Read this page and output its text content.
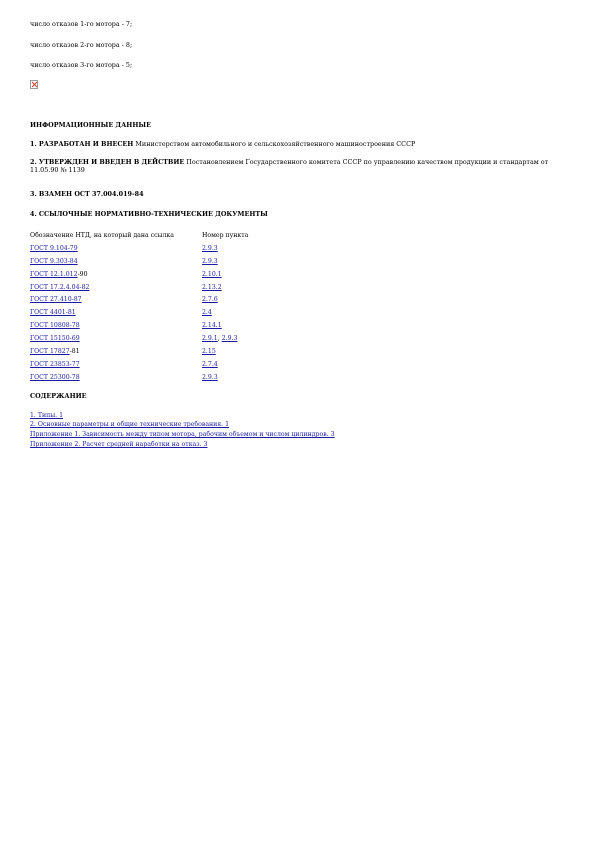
число отказов 1-го мотора - 7;
число отказов 2-го мотора - 8;
число отказов 3-го мотора - 5;
ИНФОРМАЦИОННЫЕ ДАННЫЕ
1. РАЗРАБОТАН И ВНЕСЕН Министерством автомобильного и сельскохозяйственного машиностроения СССР
2. УТВЕРЖДЕН И ВВЕДЕН В ДЕЙСТВИЕ Постановлением Государственного комитета СССР по управлению качеством продукции и стандартам от 11.05.90 № 1139
3. ВЗАМЕН ОСТ 37.004.019-84
4. ССЫЛОЧНЫЕ НОРМАТИВНО-ТЕХНИЧЕСКИЕ ДОКУМЕНТЫ
Обозначение НТД, на который дана ссылка	Номер пункта
ГОСТ 9.104-79	2.9.3
ГОСТ 9.303-84	2.9.3
ГОСТ 12.1.012-90	2.10.1
ГОСТ 17.2.4.04-82	2.13.2
ГОСТ 27.410-87	2.7.6
ГОСТ 4401-81	2.4
ГОСТ 10808-78	2.14.1
ГОСТ 15150-69	2.9.1, 2.9.3
ГОСТ 17827-81	2.15
ГОСТ 23853-77	2.7.4
ГОСТ 25300-78	2.9.3
СОДЕРЖАНИЕ
1. Типы. 1
2. Основные параметры и общие технические требования. 1
Приложение 1. Зависимость между типом мотора, рабочим объемом и числом цилиндров. 3
Приложение 2. Расчет средней наработки на отказ. 3
